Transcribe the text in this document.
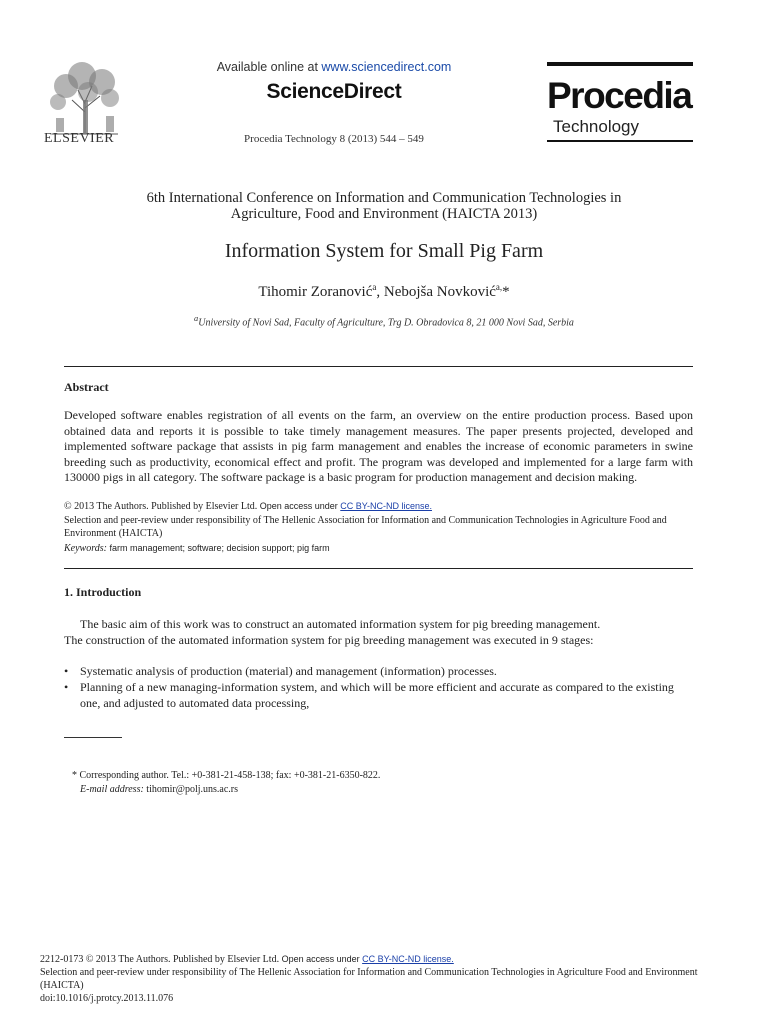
ELSEVIER
Available online at www.sciencedirect.com
ScienceDirect
Procedia Technology 8 (2013) 544 – 549
Procedia
Technology
6th International Conference on Information and Communication Technologies in
Agriculture, Food and Environment (HAICTA 2013)
Information System for Small Pig Farm
Tihomir Zoranović$^a$, Nebojša Novković$^{a,}$*
$^a$University of Novi Sad, Faculty of Agriculture, Trg D. Obradovica 8, 21 000 Novi Sad, Serbia
Abstract
Developed software enables registration of all events on the farm, an overview on the entire production process. Based upon obtained data and reports it is possible to take timely management measures. The paper presents projected, developed and implemented software package that assists in pig farm management and enables the increase of economic parameters in swine breeding such as productivity, economical effect and profit. The program was developed and implemented for a large farm with 130000 pigs in all category. The software package is a basic program for production management and decision making.
© 2013 The Authors. Published by Elsevier Ltd. Open access under CC BY-NC-ND license.
Selection and peer-review under responsibility of The Hellenic Association for Information and Communication Technologies in Agriculture Food and Environment (HAICTA)
Keywords: farm management; software; decision support; pig farm
1. Introduction
The basic aim of this work was to construct an automated information system for pig breeding management.
The construction of the automated information system for pig breeding management was executed in 9 stages:
• Systematic analysis of production (material) and management (information) processes.
• Planning of a new managing-information system, and which will be more efficient and accurate as compared to the existing one, and adjusted to automated data processing,
* Corresponding author. Tel.: +0-381-21-458-138; fax: +0-381-21-6350-822.
E-mail address: tihomir@polj.uns.ac.rs
2212-0173 © 2013 The Authors. Published by Elsevier Ltd. Open access under CC BY-NC-ND license.
Selection and peer-review under responsibility of The Hellenic Association for Information and Communication Technologies in Agriculture Food and Environment (HAICTA)
doi:10.1016/j.protcy.2013.11.076
